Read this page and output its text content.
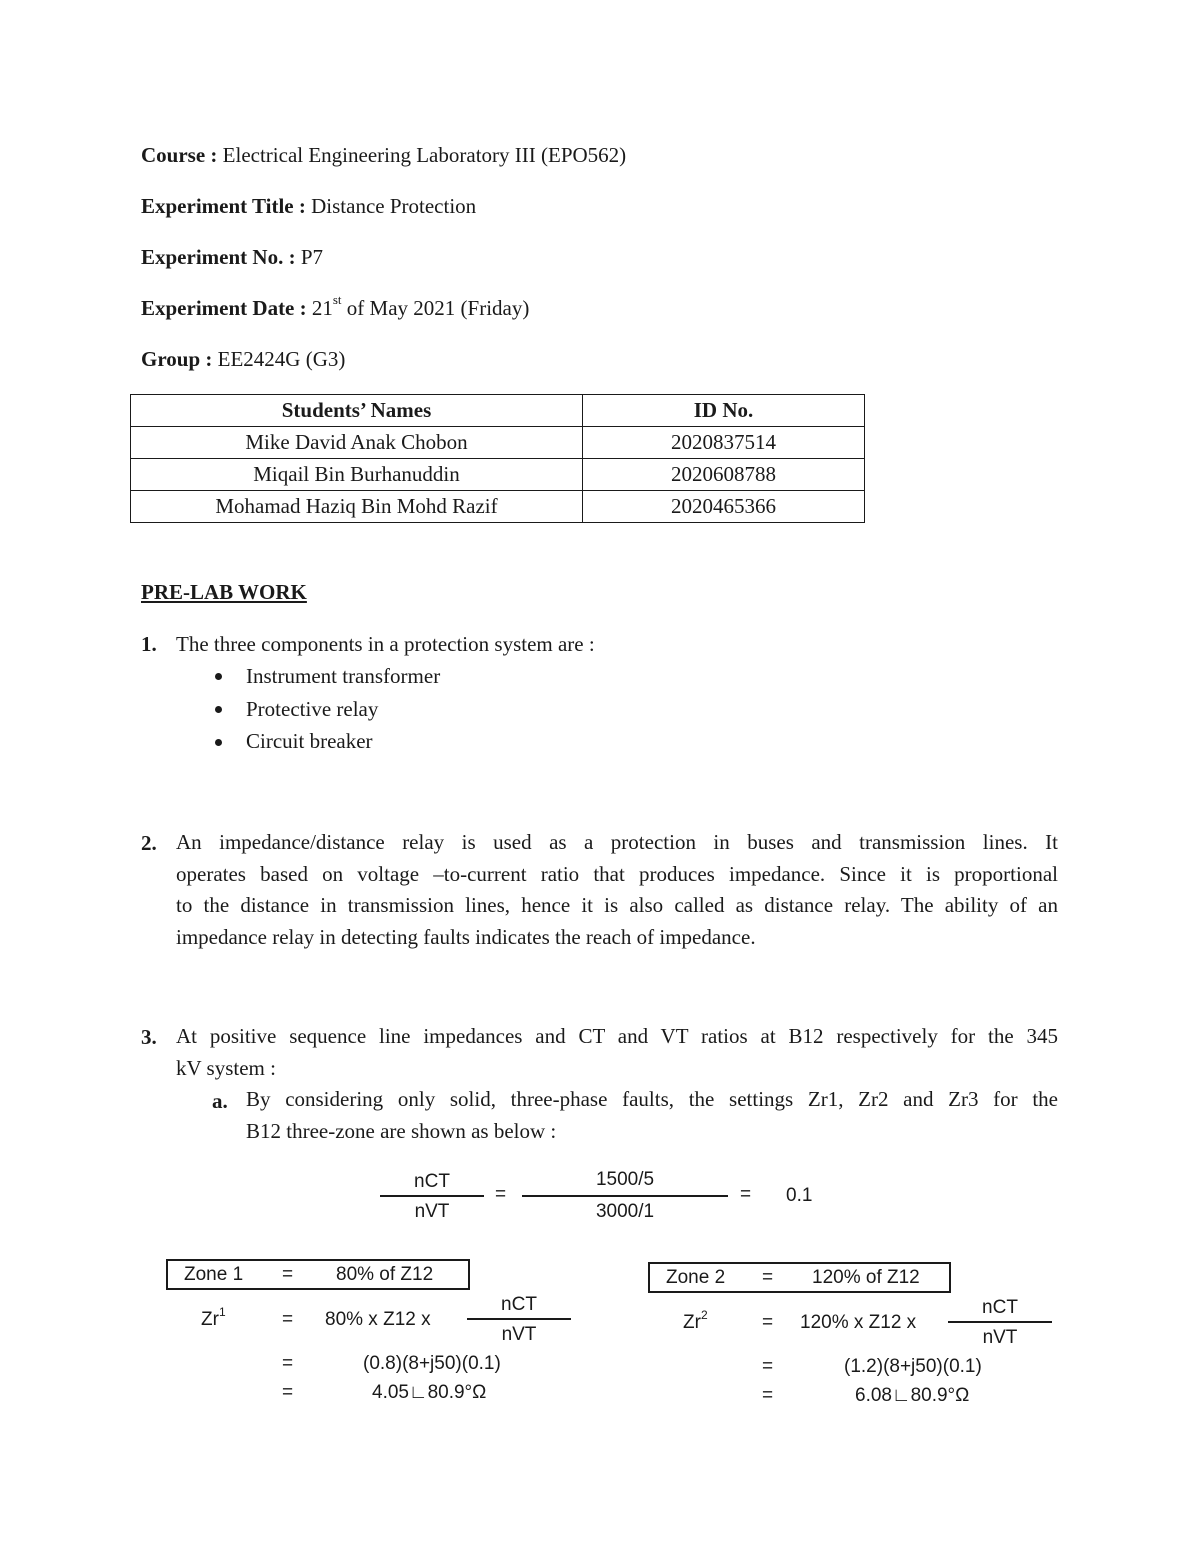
Course : Electrical Engineering Laboratory III (EPO562)
Experiment Title : Distance Protection
Experiment No. : P7
Experiment Date : 21st of May 2021 (Friday)
Group : EE2424G (G3)
Students’ Names	ID No.
Mike David Anak Chobon	2020837514
Miqail Bin Burhanuddin	2020608788
Mohamad Haziq Bin Mohd Razif	2020465366
PRE-LAB WORK
1. The three components in a protection system are :
Instrument transformer
Protective relay
Circuit breaker
2. An impedance/distance relay is used as a protection in buses and transmission lines. It
operates based on voltage –to-current ratio that produces impedance. Since it is proportional
to the distance in transmission lines, hence it is also called as distance relay. The ability of an
impedance relay in detecting faults indicates the reach of impedance.
3. At positive sequence line impedances and CT and VT ratios at B12 respectively for the 345
kV system :
a. By considering only solid, three-phase faults, the settings Zr1, Zr2 and Zr3 for the
B12 three-zone are shown as below :
nCT
nVT
=
1500/5
3000/1
= 0.1
Zone 1 = 80% of Z12
$Zr^1$	= 80% x Z12 x
nCT
nVT
=	(0.8)(8+j50)(0.1)
=	4.05∟80.9°Ω
Zone 2 = 120% of Z12
$Zr^2$	= 120% x Z12 x
nCT
nVT
=	(1.2)(8+j50)(0.1)
=	6.08∟80.9°Ω
